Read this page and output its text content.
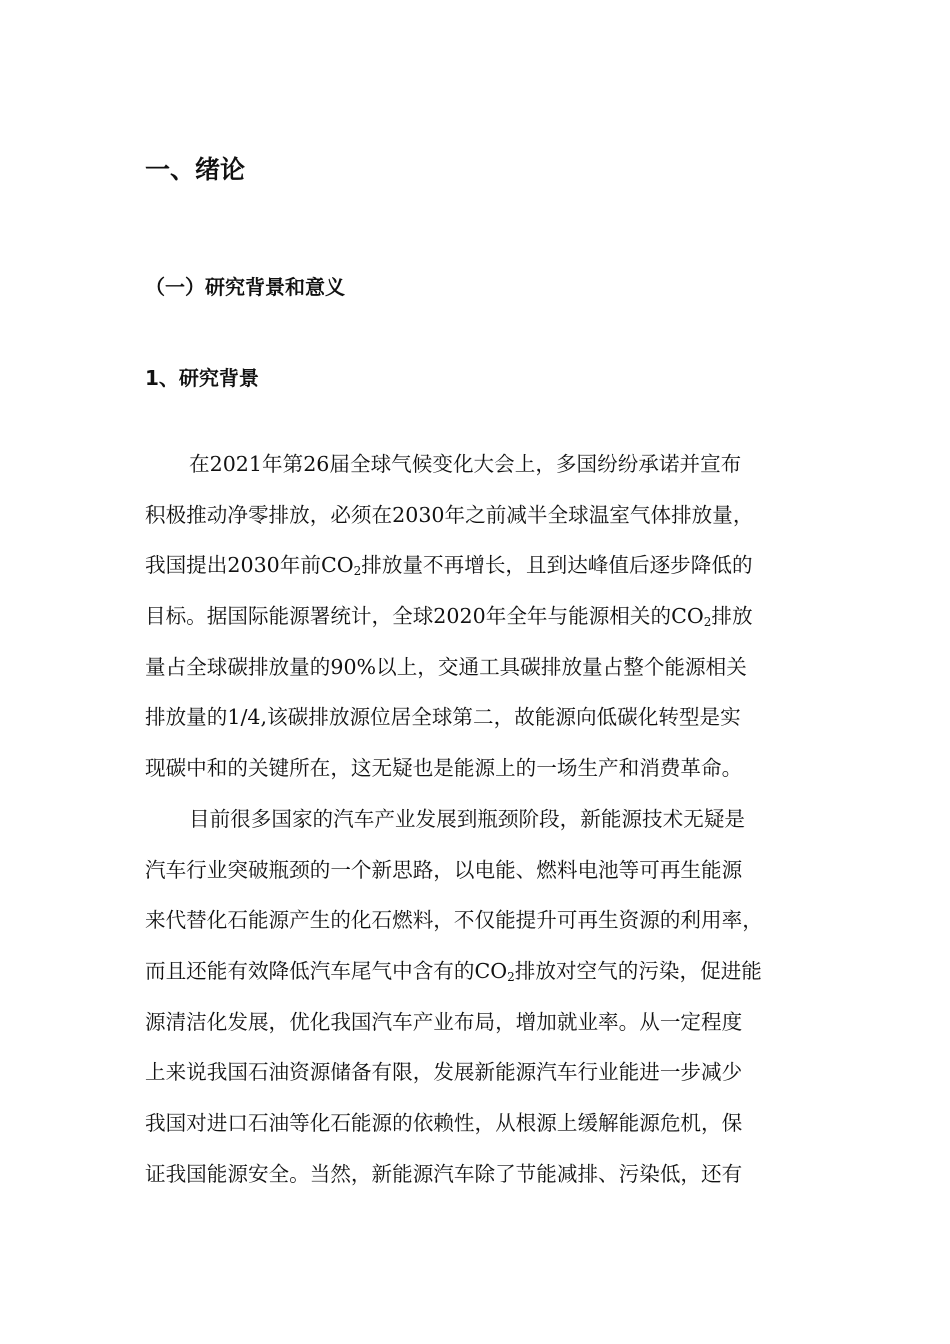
一、绪论
（一）研究背景和意义
1、研究背景
在2021年第26届全球气候变化大会上，多国纷纷承诺并宣布
积极推动净零排放，必须在2030年之前减半全球温室气体排放量，
我国提出2030年前$CO_2$排放量不再增长，且到达峰值后逐步降低的
目标。据国际能源署统计，全球2020年全年与能源相关的$CO_2$排放
量占全球碳排放量的90%以上，交通工具碳排放量占整个能源相关
排放量的1/4,该碳排放源位居全球第二，故能源向低碳化转型是实
现碳中和的关键所在，这无疑也是能源上的一场生产和消费革命。
目前很多国家的汽车产业发展到瓶颈阶段，新能源技术无疑是
汽车行业突破瓶颈的一个新思路，以电能、燃料电池等可再生能源
来代替化石能源产生的化石燃料，不仅能提升可再生资源的利用率，
而且还能有效降低汽车尾气中含有的$CO_2$排放对空气的污染，促进能
源清洁化发展，优化我国汽车产业布局，增加就业率。从一定程度
上来说我国石油资源储备有限，发展新能源汽车行业能进一步减少
我国对进口石油等化石能源的依赖性，从根源上缓解能源危机，保
证我国能源安全。当然，新能源汽车除了节能减排、污染低，还有
